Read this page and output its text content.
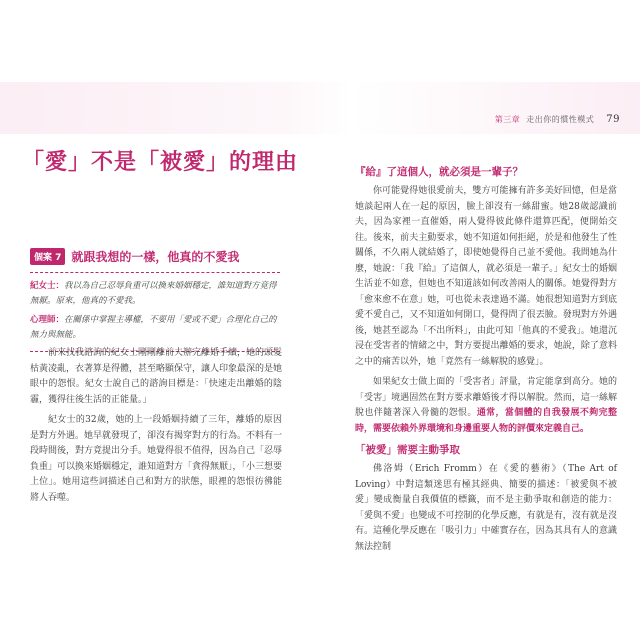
第三章 走出你的慣性模式 79
「愛」不是「被愛」的理由
個案 7 就跟我想的一樣，他真的不愛我

紀女士：我以為自己忍辱負重可以換來婚姻穩定，誰知道對方竟得無厭。原來，他真的不愛我。

心理師：在關係中掌握主導權，不要用「愛或不愛」合理化自己的無力與無能。

前來找我諮詢的紀女士剛剛離前夫辦完離婚手續，她的頭髮枯黃凌亂，衣著算是得體，甚至略顯保守，讓人印象最深的是她眼中的怨恨。紀女士說自己的諮詢目標是：「快速走出離婚的陰霾，獲得往後生活的正能量。」

紀女士的32歲，她的上一段婚姻持續了三年，離婚的原因是對方外遇。她早就發現了，卻沒有揭穿對方的行為。不料有一段時間後，對方竟提出分手。她覺得很不值得，因為自己「忍辱負重」可以換來婚姻穩定，誰知道對方「貪得無厭」，「小三想要上位」。她用這些詞描述自己和對方的狀態，眼裡的怨恨彷彿能將人吞噬。

『給』了這個人，就必須是一輩子？

你可能覺得她很愛前夫，雙方可能擁有許多美好回憶，但是當她談起兩人在一起的原因，臉上卻沒有一絲甜蜜。她28歲認識前夫，因為家裡一直催婚，兩人覺得彼此條件還算匹配，便開始交往。後來，前夫主動要求，她不知道如何拒絕，於是和他發生了性關係，不久兩人就結婚了，即使她覺得自己並不愛他。我問她為什麼，她說：「我『給』了這個人，就必須是一輩子。」紀女士的婚姻生活並不如意，但她也不知道該如何改善兩人的關係。她覺得對方「愈來愈不在意」她，可也從未表達過不滿。她很想知道對方到底愛不愛自己，又不知道如何開口，覺得問了很丟臉。發現對方外遇後，她甚至認為「不出所料」，由此可知「他真的不愛我」。她還沉浸在受害者的情緒之中，對方要提出離婚的要求，她說，除了意料之中的痛苦以外，她「竟然有一絲解脫的感覺」。

如果紀女士做上面的「受害者」評量，肯定能拿到高分。她的「受害」境遇固然在對方要求離婚後才得以解脫。然而，這一絲解脫也伴隨著深入骨髓的怨恨。通常，當個體的自我發展不夠完整時，需要依賴外界環境和身邊重要人物的評價來定義自己。

「被愛」需要主動爭取

佛洛姆（Erich Fromm）在《愛的藝術》（The Art of Loving）中對這類迷思有極其經典、簡要的描述：「被愛與不被愛」變成衡量自我價值的標籤，而不是主動爭取和創造的能力：「愛與不愛」也變成不可控制的化學反應，有就是有，沒有就是沒有。這種化學反應在「吸引力」中確實存在，因為其具有人的意識無法控制
